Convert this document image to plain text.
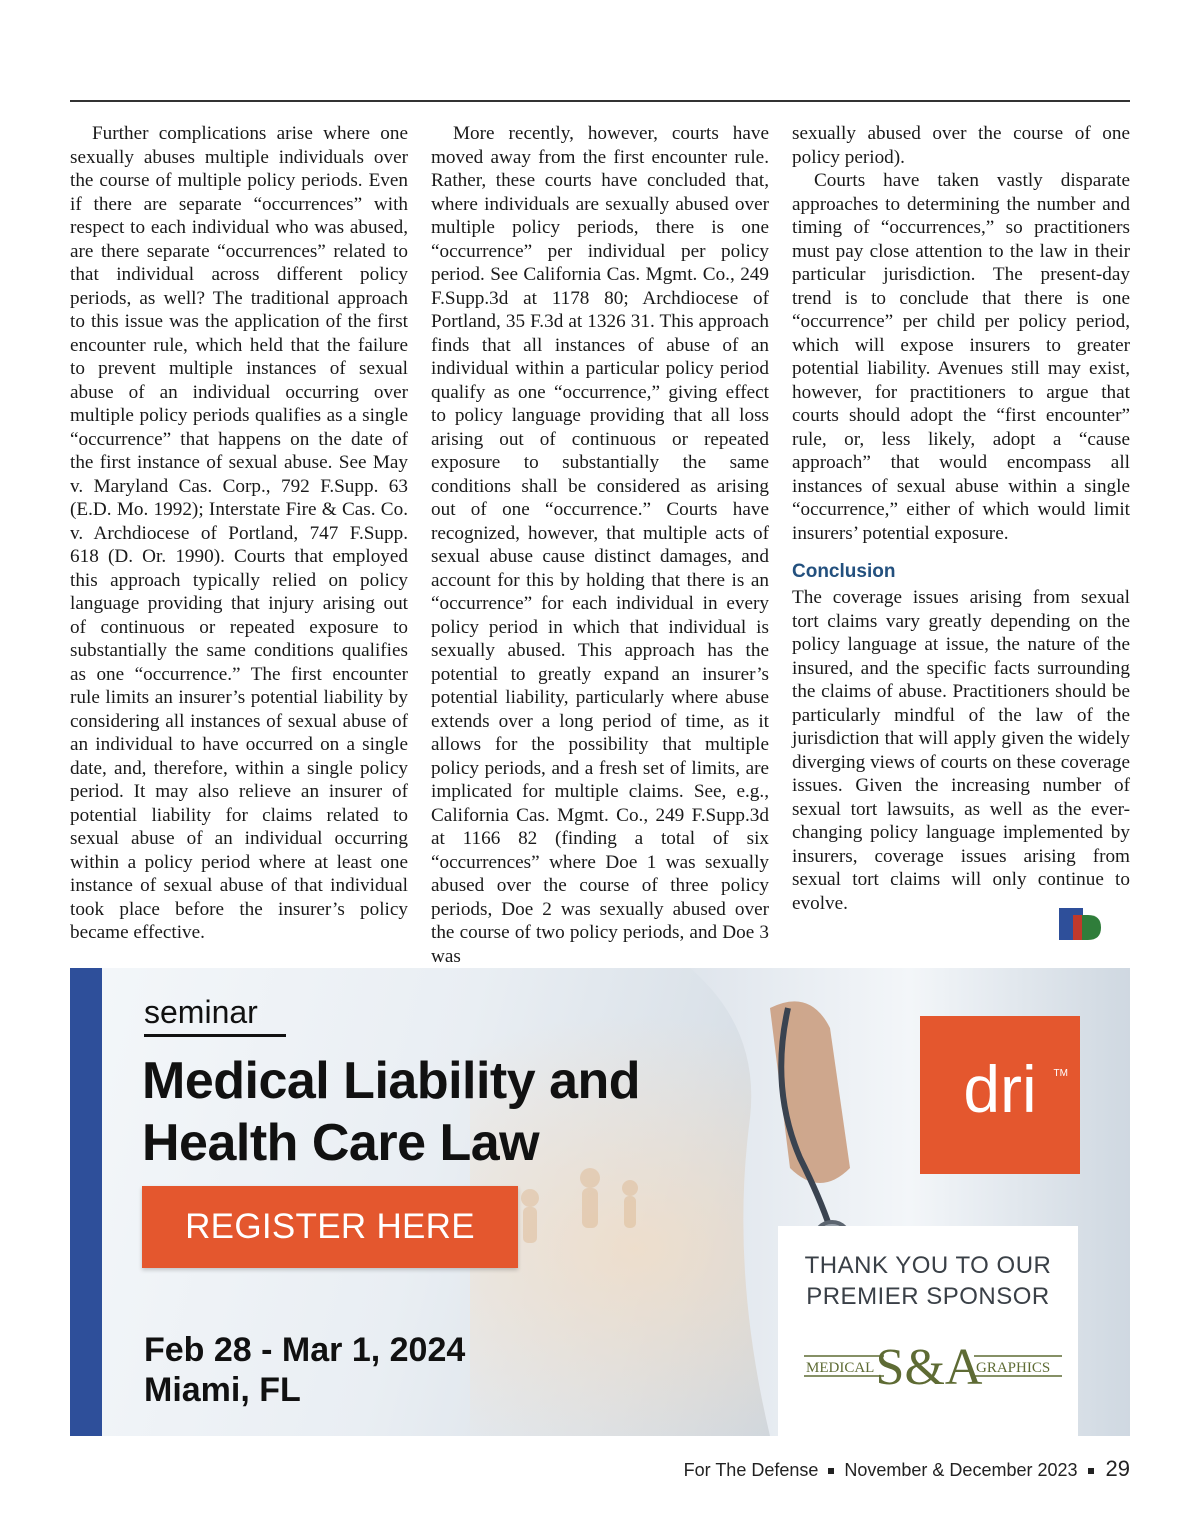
Further complications arise where one sexually abuses multiple individuals over the course of multiple policy periods. Even if there are separate “occurrences” with respect to each individual who was abused, are there separate “occurrences” related to that individual across different policy periods, as well? The traditional approach to this issue was the application of the first encounter rule, which held that the failure to prevent multiple instances of sexual abuse of an individual occurring over multiple policy periods qualifies as a single “occurrence” that happens on the date of the first instance of sexual abuse. See May v. Maryland Cas. Corp., 792 F.Supp. 63 (E.D. Mo. 1992); Interstate Fire & Cas. Co. v. Archdiocese of Portland, 747 F.Supp. 618 (D. Or. 1990). Courts that employed this approach typically relied on policy language providing that injury arising out of continuous or repeated exposure to substantially the same conditions qualifies as one “occurrence.” The first encounter rule limits an insurer’s potential liability by considering all instances of sexual abuse of an individual to have occurred on a single date, and, therefore, within a single policy period. It may also relieve an insurer of potential liability for claims related to sexual abuse of an individual occurring within a policy period where at least one instance of sexual abuse of that individual took place before the insurer’s policy became effective.

More recently, however, courts have moved away from the first encounter rule. Rather, these courts have concluded that, where individuals are sexually abused over multiple policy periods, there is one “occurrence” per individual per policy period. See California Cas. Mgmt. Co., 249 F.Supp.3d at 1178 80; Archdiocese of Portland, 35 F.3d at 1326 31. This approach finds that all instances of abuse of an individual within a particular policy period qualify as one “occurrence,” giving effect to policy language providing that all loss arising out of continuous or repeated exposure to substantially the same conditions shall be considered as arising out of one “occurrence.” Courts have recognized, however, that multiple acts of sexual abuse cause distinct damages, and account for this by holding that there is an “occurrence” for each individual in every policy period in which that individual is sexually abused. This approach has the potential to greatly expand an insurer’s potential liability, particularly where abuse extends over a long period of time, as it allows for the possibility that multiple policy periods, and a fresh set of limits, are implicated for multiple claims. See, e.g., California Cas. Mgmt. Co., 249 F.Supp.3d at 1166 82 (finding a total of six “occurrences” where Doe 1 was sexually abused over the course of three policy periods, Doe 2 was sexually abused over the course of two policy periods, and Doe 3 was

sexually abused over the course of one policy period).

Courts have taken vastly disparate approaches to determining the number and timing of “occurrences,” so practitioners must pay close attention to the law in their particular jurisdiction. The present-day trend is to conclude that there is one “occurrence” per child per policy period, which will expose insurers to greater potential liability. Avenues still may exist, however, for practitioners to argue that courts should adopt the “first encounter” rule, or, less likely, adopt a “cause approach” that would encompass all instances of sexual abuse within a single “occurrence,” either of which would limit insurers’ potential exposure.

Conclusion

The coverage issues arising from sexual tort claims vary greatly depending on the policy language at issue, the nature of the insured, and the specific facts surrounding the claims of abuse. Practitioners should be particularly mindful of the law of the jurisdiction that will apply given the widely diverging views of courts on these coverage issues. Given the increasing number of sexual tort lawsuits, as well as the ever-changing policy language implemented by insurers, coverage issues arising from sexual tort claims will only continue to evolve.

seminar
Medical Liability and
Health Care Law
REGISTER HERE
Feb 28 - Mar 1, 2024
Miami, FL
dri	TM
THANK YOU TO OUR
PREMIER SPONSOR
MEDICAL S&A
GRAPHICS
For The Defense November & December 2023 29
